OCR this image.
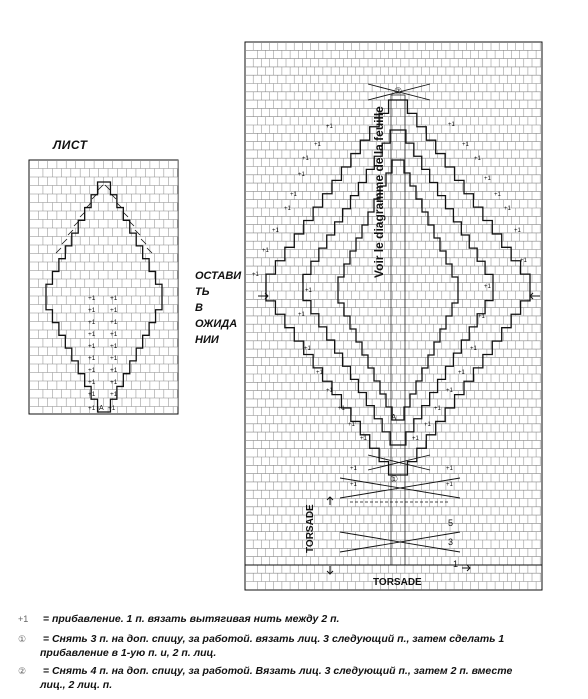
+1 +1
+1 +1
+1 +1
+1 +1
+1 +1
+1 +1
+1 +1
+1 +1
+1 +1
+1 A +1
②
①
A
+1
+1
+1
+1
+1
+1
+1
+1
+1
+1
+1
+1
+1
+1
+1
+1
+1
+1
+1
+1
+1
+1
+1
+1
+1
+1
+1
+1
+1
+1
+1
+1
+1
+1	+1
+1	+1
ЛИСТ
ОСТАВИ
ТЬ
В
ОЖИДА
НИИ
Voir le diagramme de la feuille
TORSADE
TORSADE
5
3
1
+1 = прибавление. 1 п. вязать вытягивая нить между 2 п.
① = Снять 3 п. на доп. спицу, за работой. вязать лиц. 3 следующий п., затем сделать 1
прибавление в 1-ую п. и, 2 п. лиц.
② = Снять 4 п. на доп. спицу, за работой. Вязать лиц. 3 следующий п., затем 2 п. вместе
лиц., 2 лиц. п.
